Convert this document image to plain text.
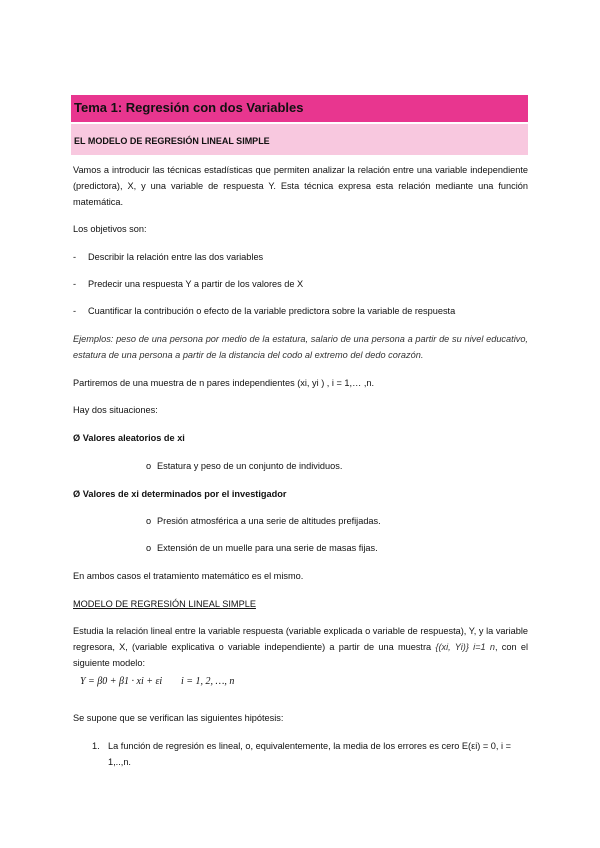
Tema 1: Regresión con dos Variables
EL MODELO DE REGRESIÓN LINEAL SIMPLE
Vamos a introducir las técnicas estadísticas que permiten analizar la relación entre una variable independiente (predictora), X, y una variable de respuesta Y. Esta técnica expresa esta relación mediante una función matemática.
Los objetivos son:
- Describir la relación entre las dos variables
- Predecir una respuesta Y a partir de los valores de X
- Cuantificar la contribución o efecto de la variable predictora sobre la variable de respuesta
Ejemplos: peso de una persona por medio de la estatura, salario de una persona a partir de su nivel educativo, estatura de una persona a partir de la distancia del codo al extremo del dedo corazón.
Partiremos de una muestra de n pares independientes (xi, yi ) , i = 1,… ,n.
Hay dos situaciones:
Ø Valores aleatorios de xi
o Estatura y peso de un conjunto de individuos.
Ø Valores de xi determinados por el investigador
o Presión atmosférica a una serie de altitudes prefijadas.
o Extensión de un muelle para una serie de masas fijas.
En ambos casos el tratamiento matemático es el mismo.
MODELO DE REGRESIÓN LINEAL SIMPLE
Estudia la relación lineal entre la variable respuesta (variable explicada o variable de respuesta), Y, y la variable regresora, X, (variable explicativa o variable independiente) a partir de una muestra {(xi, Yi)} i=1 n, con el siguiente modelo:
Y = β0 + β1 · xi + εi i = 1, 2, …, n
Se supone que se verifican las siguientes hipótesis:
1. La función de regresión es lineal, o, equivalentemente, la media de los errores es cero E(εi) = 0, i = 1,..,n.
